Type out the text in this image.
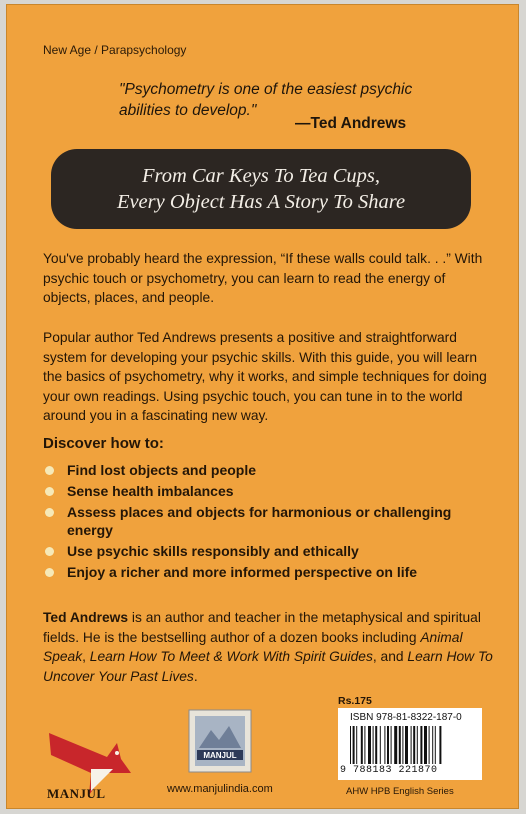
New Age / Parapsychology
"Psychometry is one of the easiest psychic abilities to develop."
—Ted Andrews
From Car Keys To Tea Cups,
Every Object Has A Story To Share
You've probably heard the expression, “If these walls could talk. . .” With psychic touch or psychometry, you can learn to read the energy of objects, places, and people.
Popular author Ted Andrews presents a positive and straightforward system for developing your psychic skills. With this guide, you will learn the basics of psychometry, why it works, and simple techniques for doing your own readings. Using psychic touch, you can tune in to the world around you in a fascinating new way.
Discover how to:
Find lost objects and people
Sense health imbalances
Assess places and objects for harmonious or challenging energy
Use psychic skills responsibly and ethically
Enjoy a richer and more informed perspective on life
Ted Andrews is an author and teacher in the metaphysical and spiritual fields. He is the bestselling author of a dozen books including Animal Speak, Learn How To Meet & Work With Spirit Guides, and Learn How To Uncover Your Past Lives.
MANJUL
MANJUL
www.manjulindia.com
Rs.175
ISBN 978-81-8322-187-0
9 788183 221870
AHW HPB English Series
